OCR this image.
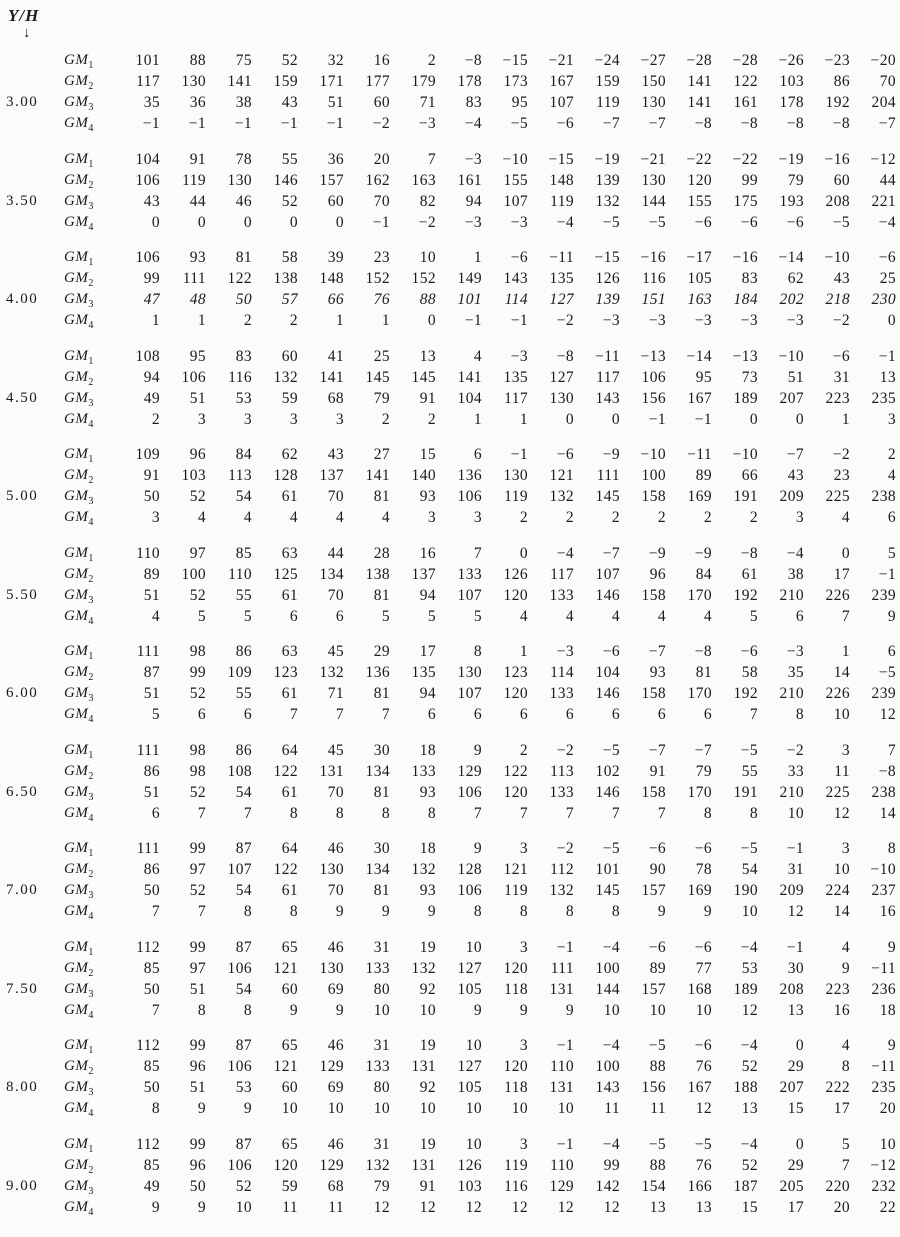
Y/H
↓
3.00
$GM_1$	101	88	75	52	32	16	2	−8	−15	−21	−24	−27	−28	−28	−26	−23	−20
$GM_2$	117	130	141	159	171	177	179	178	173	167	159	150	141	122	103	86	70
$GM_3$	35	36	38	43	51	60	71	83	95	107	119	130	141	161	178	192	204
$GM_4$	−1	−1	−1	−1	−1	−2	−3	−4	−5	−6	−7	−7	−8	−8	−8	−8	−7
3.50
$GM_1$	104	91	78	55	36	20	7	−3	−10	−15	−19	−21	−22	−22	−19	−16	−12
$GM_2$	106	119	130	146	157	162	163	161	155	148	139	130	120	99	79	60	44
$GM_3$	43	44	46	52	60	70	82	94	107	119	132	144	155	175	193	208	221
$GM_4$	0	0	0	0	0	−1	−2	−3	−3	−4	−5	−5	−6	−6	−6	−5	−4
4.00
$GM_1$	106	93	81	58	39	23	10	1	−6	−11	−15	−16	−17	−16	−14	−10	−6
$GM_2$	99	111	122	138	148	152	152	149	143	135	126	116	105	83	62	43	25
$GM_3$	47	48	50	57	66	76	88	101	114	127	139	151	163	184	202	218	230
$GM_4$	1	1	2	2	1	1	0	−1	−1	−2	−3	−3	−3	−3	−3	−2	0
4.50
$GM_1$	108	95	83	60	41	25	13	4	−3	−8	−11	−13	−14	−13	−10	−6	−1
$GM_2$	94	106	116	132	141	145	145	141	135	127	117	106	95	73	51	31	13
$GM_3$	49	51	53	59	68	79	91	104	117	130	143	156	167	189	207	223	235
$GM_4$	2	3	3	3	3	2	2	1	1	0	0	−1	−1	0	0	1	3
5.00
$GM_1$	109	96	84	62	43	27	15	6	−1	−6	−9	−10	−11	−10	−7	−2	2
$GM_2$	91	103	113	128	137	141	140	136	130	121	111	100	89	66	43	23	4
$GM_3$	50	52	54	61	70	81	93	106	119	132	145	158	169	191	209	225	238
$GM_4$	3	4	4	4	4	4	3	3	2	2	2	2	2	2	3	4	6
5.50
$GM_1$	110	97	85	63	44	28	16	7	0	−4	−7	−9	−9	−8	−4	0	5
$GM_2$	89	100	110	125	134	138	137	133	126	117	107	96	84	61	38	17	−1
$GM_3$	51	52	55	61	70	81	94	107	120	133	146	158	170	192	210	226	239
$GM_4$	4	5	5	6	6	5	5	5	4	4	4	4	4	5	6	7	9
6.00
$GM_1$	111	98	86	63	45	29	17	8	1	−3	−6	−7	−8	−6	−3	1	6
$GM_2$	87	99	109	123	132	136	135	130	123	114	104	93	81	58	35	14	−5
$GM_3$	51	52	55	61	71	81	94	107	120	133	146	158	170	192	210	226	239
$GM_4$	5	6	6	7	7	7	6	6	6	6	6	6	6	7	8	10	12
6.50
$GM_1$	111	98	86	64	45	30	18	9	2	−2	−5	−7	−7	−5	−2	3	7
$GM_2$	86	98	108	122	131	134	133	129	122	113	102	91	79	55	33	11	−8
$GM_3$	51	52	54	61	70	81	93	106	120	133	146	158	170	191	210	225	238
$GM_4$	6	7	7	8	8	8	8	7	7	7	7	7	8	8	10	12	14
7.00
$GM_1$	111	99	87	64	46	30	18	9	3	−2	−5	−6	−6	−5	−1	3	8
$GM_2$	86	97	107	122	130	134	132	128	121	112	101	90	78	54	31	10	−10
$GM_3$	50	52	54	61	70	81	93	106	119	132	145	157	169	190	209	224	237
$GM_4$	7	7	8	8	9	9	9	8	8	8	8	9	9	10	12	14	16
7.50
$GM_1$	112	99	87	65	46	31	19	10	3	−1	−4	−6	−6	−4	−1	4	9
$GM_2$	85	97	106	121	130	133	132	127	120	111	100	89	77	53	30	9	−11
$GM_3$	50	51	54	60	69	80	92	105	118	131	144	157	168	189	208	223	236
$GM_4$	7	8	8	9	9	10	10	9	9	9	10	10	10	12	13	16	18
8.00
$GM_1$	112	99	87	65	46	31	19	10	3	−1	−4	−5	−6	−4	0	4	9
$GM_2$	85	96	106	121	129	133	131	127	120	110	100	88	76	52	29	8	−11
$GM_3$	50	51	53	60	69	80	92	105	118	131	143	156	167	188	207	222	235
$GM_4$	8	9	9	10	10	10	10	10	10	10	11	11	12	13	15	17	20
9.00
$GM_1$	112	99	87	65	46	31	19	10	3	−1	−4	−5	−5	−4	0	5	10
$GM_2$	85	96	106	120	129	132	131	126	119	110	99	88	76	52	29	7	−12
$GM_3$	49	50	52	59	68	79	91	103	116	129	142	154	166	187	205	220	232
$GM_4$	9	9	10	11	11	12	12	12	12	12	12	13	13	15	17	20	22
